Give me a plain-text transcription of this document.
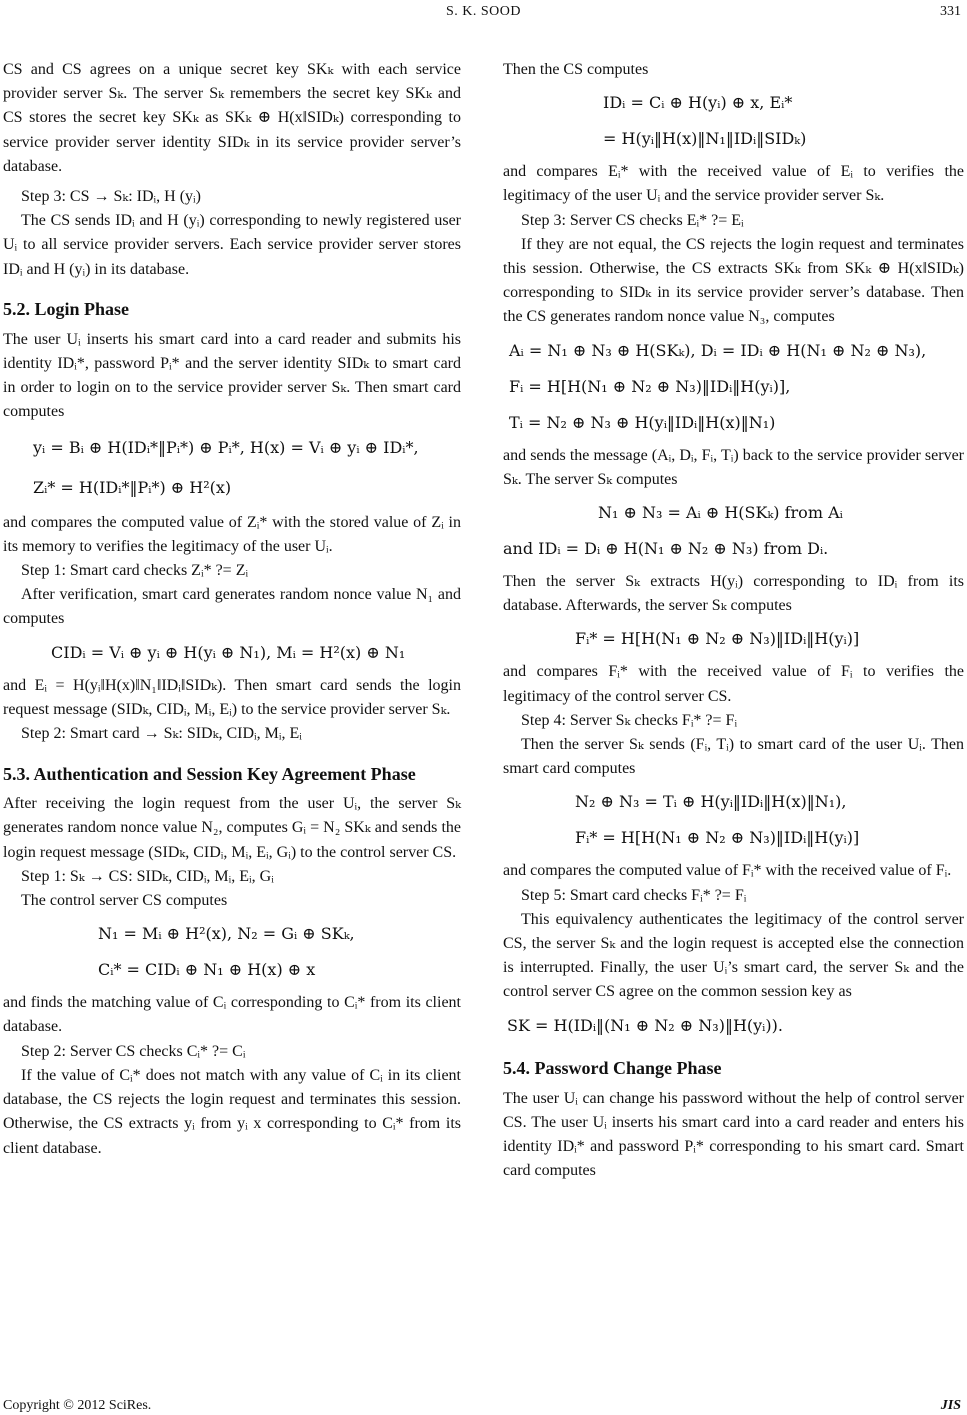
S. K. SOOD	331

CS and CS agrees on a unique secret key SKₖ with each service provider server Sₖ. The server Sₖ remembers the secret key SKₖ and CS stores the secret key SKₖ as SKₖ ⊕ H(x‖SIDₖ) corresponding to service provider server identity SIDₖ in its service provider server’s database.

Step 3: CS → Sₖ: IDᵢ, H (yᵢ)

The CS sends IDᵢ and H (yᵢ) corresponding to newly registered user Uᵢ to all service provider servers. Each service provider server stores IDᵢ and H (yᵢ) in its database.

5.2. Login Phase

The user Uᵢ inserts his smart card into a card reader and submits his identity IDᵢ*, password Pᵢ* and the server identity SIDₖ to smart card in order to login on to the service provider server Sₖ. Then smart card computes

yᵢ = Bᵢ ⊕ H(IDᵢ*‖Pᵢ*) ⊕ Pᵢ*, H(x) = Vᵢ ⊕ yᵢ ⊕ IDᵢ*,
Zᵢ* = H(IDᵢ*‖Pᵢ*) ⊕ H²(x)

and compares the computed value of Zᵢ* with the stored value of Zᵢ in its memory to verifies the legitimacy of the user Uᵢ.

Step 1: Smart card checks Zᵢ* ?= Zᵢ

After verification, smart card generates random nonce value N₁ and computes

CIDᵢ = Vᵢ ⊕ yᵢ ⊕ H(yᵢ ⊕ N₁), Mᵢ = H²(x) ⊕ N₁

and Eᵢ = H(yᵢ‖H(x)‖N₁‖IDᵢ‖SIDₖ). Then smart card sends the login request message (SIDₖ, CIDᵢ, Mᵢ, Eᵢ) to the service provider server Sₖ.

Step 2: Smart card → Sₖ: SIDₖ, CIDᵢ, Mᵢ, Eᵢ

5.3. Authentication and Session Key Agreement Phase

After receiving the login request from the user Uᵢ, the server Sₖ generates random nonce value N₂, computes Gᵢ = N₂ SKₖ and sends the login request message (SIDₖ, CIDᵢ, Mᵢ, Eᵢ, Gᵢ) to the control server CS.

Step 1: Sₖ → CS: SIDₖ, CIDᵢ, Mᵢ, Eᵢ, Gᵢ

The control server CS computes

N₁ = Mᵢ ⊕ H²(x), N₂ = Gᵢ ⊕ SKₖ,
Cᵢ* = CIDᵢ ⊕ N₁ ⊕ H(x) ⊕ x

and finds the matching value of Cᵢ corresponding to Cᵢ* from its client database.

Step 2: Server CS checks Cᵢ* ?= Cᵢ

If the value of Cᵢ* does not match with any value of Cᵢ in its client database, the CS rejects the login request and terminates this session. Otherwise, the CS extracts yᵢ from yᵢ x corresponding to Cᵢ* from its client database.

Then the CS computes

IDᵢ = Cᵢ ⊕ H(yᵢ) ⊕ x, Eᵢ*
= H(yᵢ‖H(x)‖N₁‖IDᵢ‖SIDₖ)

and compares Eᵢ* with the received value of Eᵢ to verifies the legitimacy of the user Uᵢ and the service provider server Sₖ.

Step 3: Server CS checks Eᵢ* ?= Eᵢ

If they are not equal, the CS rejects the login request and terminates this session. Otherwise, the CS extracts SKₖ from SKₖ ⊕ H(x‖SIDₖ) corresponding to SIDₖ in its service provider server’s database. Then the CS generates random nonce value N₃, computes

Aᵢ = N₁ ⊕ N₃ ⊕ H(SKₖ), Dᵢ = IDᵢ ⊕ H(N₁ ⊕ N₂ ⊕ N₃),
Fᵢ = H[H(N₁ ⊕ N₂ ⊕ N₃)‖IDᵢ‖H(yᵢ)],
Tᵢ = N₂ ⊕ N₃ ⊕ H(yᵢ‖IDᵢ‖H(x)‖N₁)

and sends the message (Aᵢ, Dᵢ, Fᵢ, Tᵢ) back to the service provider server Sₖ. The server Sₖ computes

N₁ ⊕ N₃ = Aᵢ ⊕ H(SKₖ) from Aᵢ
and IDᵢ = Dᵢ ⊕ H(N₁ ⊕ N₂ ⊕ N₃) from Dᵢ.

Then the server Sₖ extracts H(yᵢ) corresponding to IDᵢ from its database. Afterwards, the server Sₖ computes

Fᵢ* = H[H(N₁ ⊕ N₂ ⊕ N₃)‖IDᵢ‖H(yᵢ)]

and compares Fᵢ* with the received value of Fᵢ to verifies the legitimacy of the control server CS.

Step 4: Server Sₖ checks Fᵢ* ?= Fᵢ

Then the server Sₖ sends (Fᵢ, Tᵢ) to smart card of the user Uᵢ. Then smart card computes

N₂ ⊕ N₃ = Tᵢ ⊕ H(yᵢ‖IDᵢ‖H(x)‖N₁),
Fᵢ* = H[H(N₁ ⊕ N₂ ⊕ N₃)‖IDᵢ‖H(yᵢ)]

and compares the computed value of Fᵢ* with the received value of Fᵢ.

Step 5: Smart card checks Fᵢ* ?= Fᵢ

This equivalency authenticates the legitimacy of the control server CS, the server Sₖ and the login request is accepted else the connection is interrupted. Finally, the user Uᵢ’s smart card, the server Sₖ and the control server CS agree on the common session key as

SK = H(IDᵢ‖(N₁ ⊕ N₂ ⊕ N₃)‖H(yᵢ)).

5.4. Password Change Phase

The user Uᵢ can change his password without the help of control server CS. The user Uᵢ inserts his smart card into a card reader and enters his identity IDᵢ* and password Pᵢ* corresponding to his smart card. Smart card computes

Copyright © 2012 SciRes.	JIS
